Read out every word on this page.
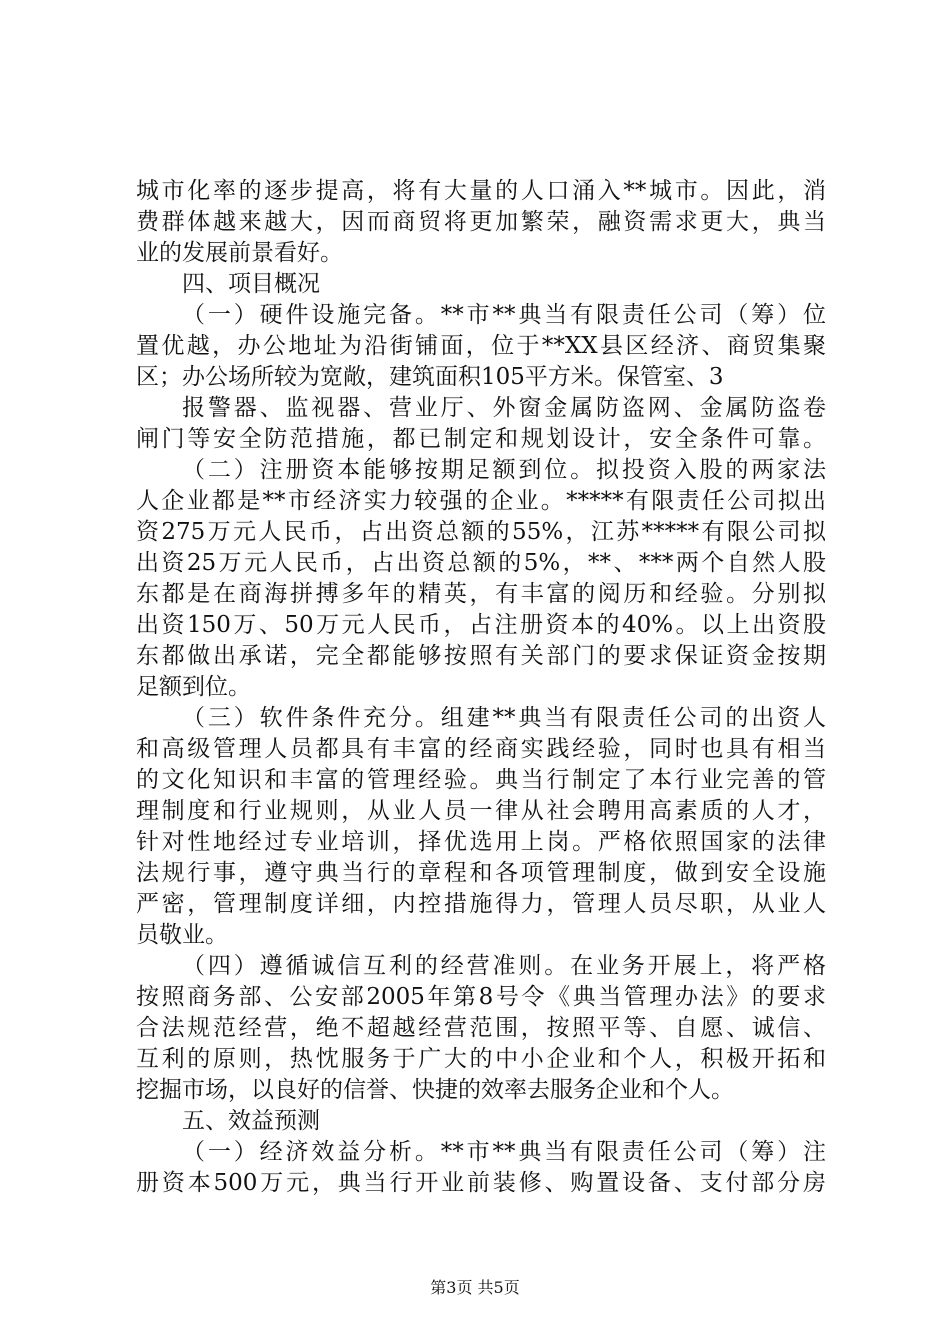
城市化率的逐步提高，将有大量的人口涌入**城市。因此，消
费群体越来越大，因而商贸将更加繁荣，融资需求更大，典当
业的发展前景看好。
四、项目概况
（一）硬件设施完备。**市**典当有限责任公司（筹）位
置优越，办公地址为沿街铺面，位于**XX县区经济、商贸集聚
区；办公场所较为宽敞，建筑面积105平方米。保管室、3
报警器、监视器、营业厅、外窗金属防盗网、金属防盗卷
闸门等安全防范措施，都已制定和规划设计，安全条件可靠。
（二）注册资本能够按期足额到位。拟投资入股的两家法
人企业都是**市经济实力较强的企业。*****有限责任公司拟出
资275万元人民币，占出资总额的55%，江苏*****有限公司拟
出资25万元人民币，占出资总额的5%，**、***两个自然人股
东都是在商海拼搏多年的精英，有丰富的阅历和经验。分别拟
出资150万、50万元人民币，占注册资本的40%。以上出资股
东都做出承诺，完全都能够按照有关部门的要求保证资金按期
足额到位。
（三）软件条件充分。组建**典当有限责任公司的出资人
和高级管理人员都具有丰富的经商实践经验，同时也具有相当
的文化知识和丰富的管理经验。典当行制定了本行业完善的管
理制度和行业规则，从业人员一律从社会聘用高素质的人才，
针对性地经过专业培训，择优选用上岗。严格依照国家的法律
法规行事，遵守典当行的章程和各项管理制度，做到安全设施
严密，管理制度详细，内控措施得力，管理人员尽职，从业人
员敬业。
（四）遵循诚信互利的经营准则。在业务开展上，将严格
按照商务部、公安部2005年第8号令《典当管理办法》的要求
合法规范经营，绝不超越经营范围，按照平等、自愿、诚信、
互利的原则，热忱服务于广大的中小企业和个人，积极开拓和
挖掘市场，以良好的信誉、快捷的效率去服务企业和个人。
五、效益预测
（一）经济效益分析。**市**典当有限责任公司（筹）注
册资本500万元，典当行开业前装修、购置设备、支付部分房
第3页 共5页
